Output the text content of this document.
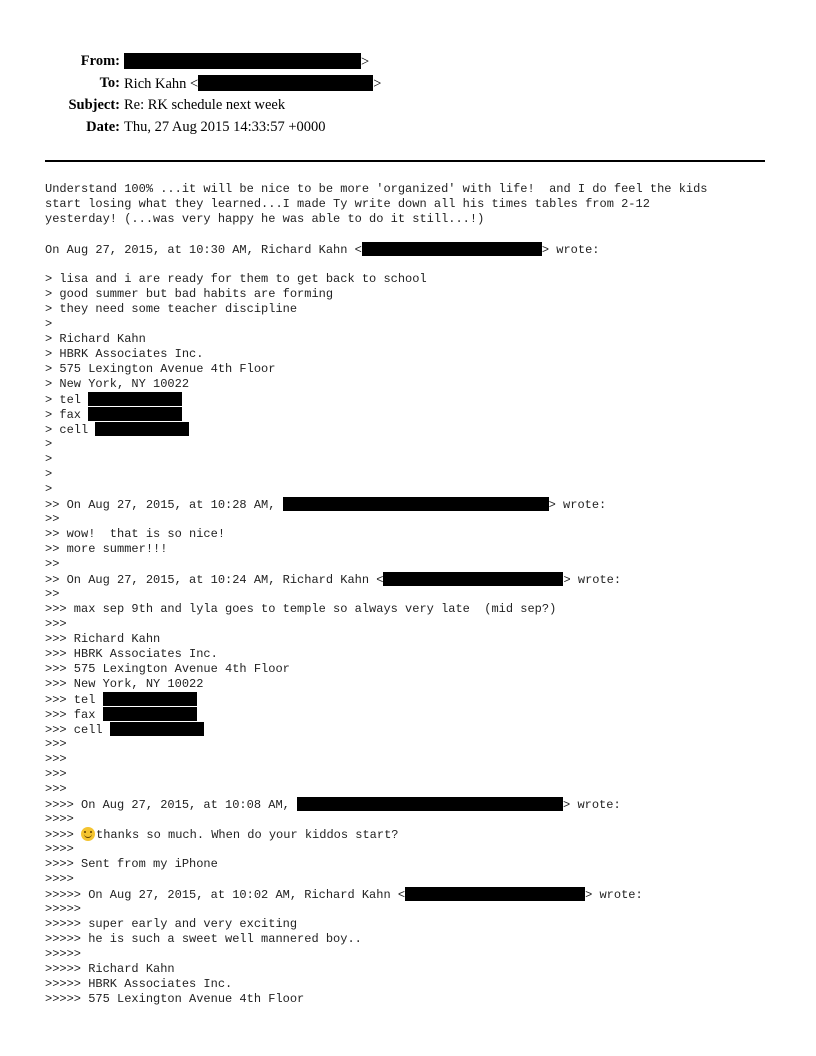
From:	>
To: Rich Kahn <	>
Subject: Re: RK schedule next week
Date: Thu, 27 Aug 2015 14:33:57 +0000
Understand 100% ...it will be nice to be more 'organized' with life!  and I do feel the kids
start losing what they learned...I made Ty write down all his times tables from 2-12
yesterday! (...was very happy he was able to do it still...!)
On Aug 27, 2015, at 10:30 AM, Richard Kahn <	> wrote:
> lisa and i are ready for them to get back to school
> good summer but bad habits are forming
> they need some teacher discipline
>
> Richard Kahn
> HBRK Associates Inc.
> 575 Lexington Avenue 4th Floor
> New York, NY 10022
> tel
> fax
> cell
>
>
>
>
>> On Aug 27, 2015, at 10:28 AM,	> wrote:
>>
>> wow!  that is so nice!
>> more summer!!!
>>
>> On Aug 27, 2015, at 10:24 AM, Richard Kahn <	> wrote:
>>
>>> max sep 9th and lyla goes to temple so always very late  (mid sep?)
>>>
>>> Richard Kahn
>>> HBRK Associates Inc.
>>> 575 Lexington Avenue 4th Floor
>>> New York, NY 10022
>>> tel
>>> fax
>>> cell
>>>
>>>
>>>
>>>
>>>> On Aug 27, 2015, at 10:08 AM,	> wrote:
>>>>
>>>> thanks so much. When do your kiddos start?
>>>>
>>>> Sent from my iPhone
>>>>
>>>>> On Aug 27, 2015, at 10:02 AM, Richard Kahn <	> wrote:
>>>>>
>>>>> super early and very exciting
>>>>> he is such a sweet well mannered boy..
>>>>>
>>>>> Richard Kahn
>>>>> HBRK Associates Inc.
>>>>> 575 Lexington Avenue 4th Floor
